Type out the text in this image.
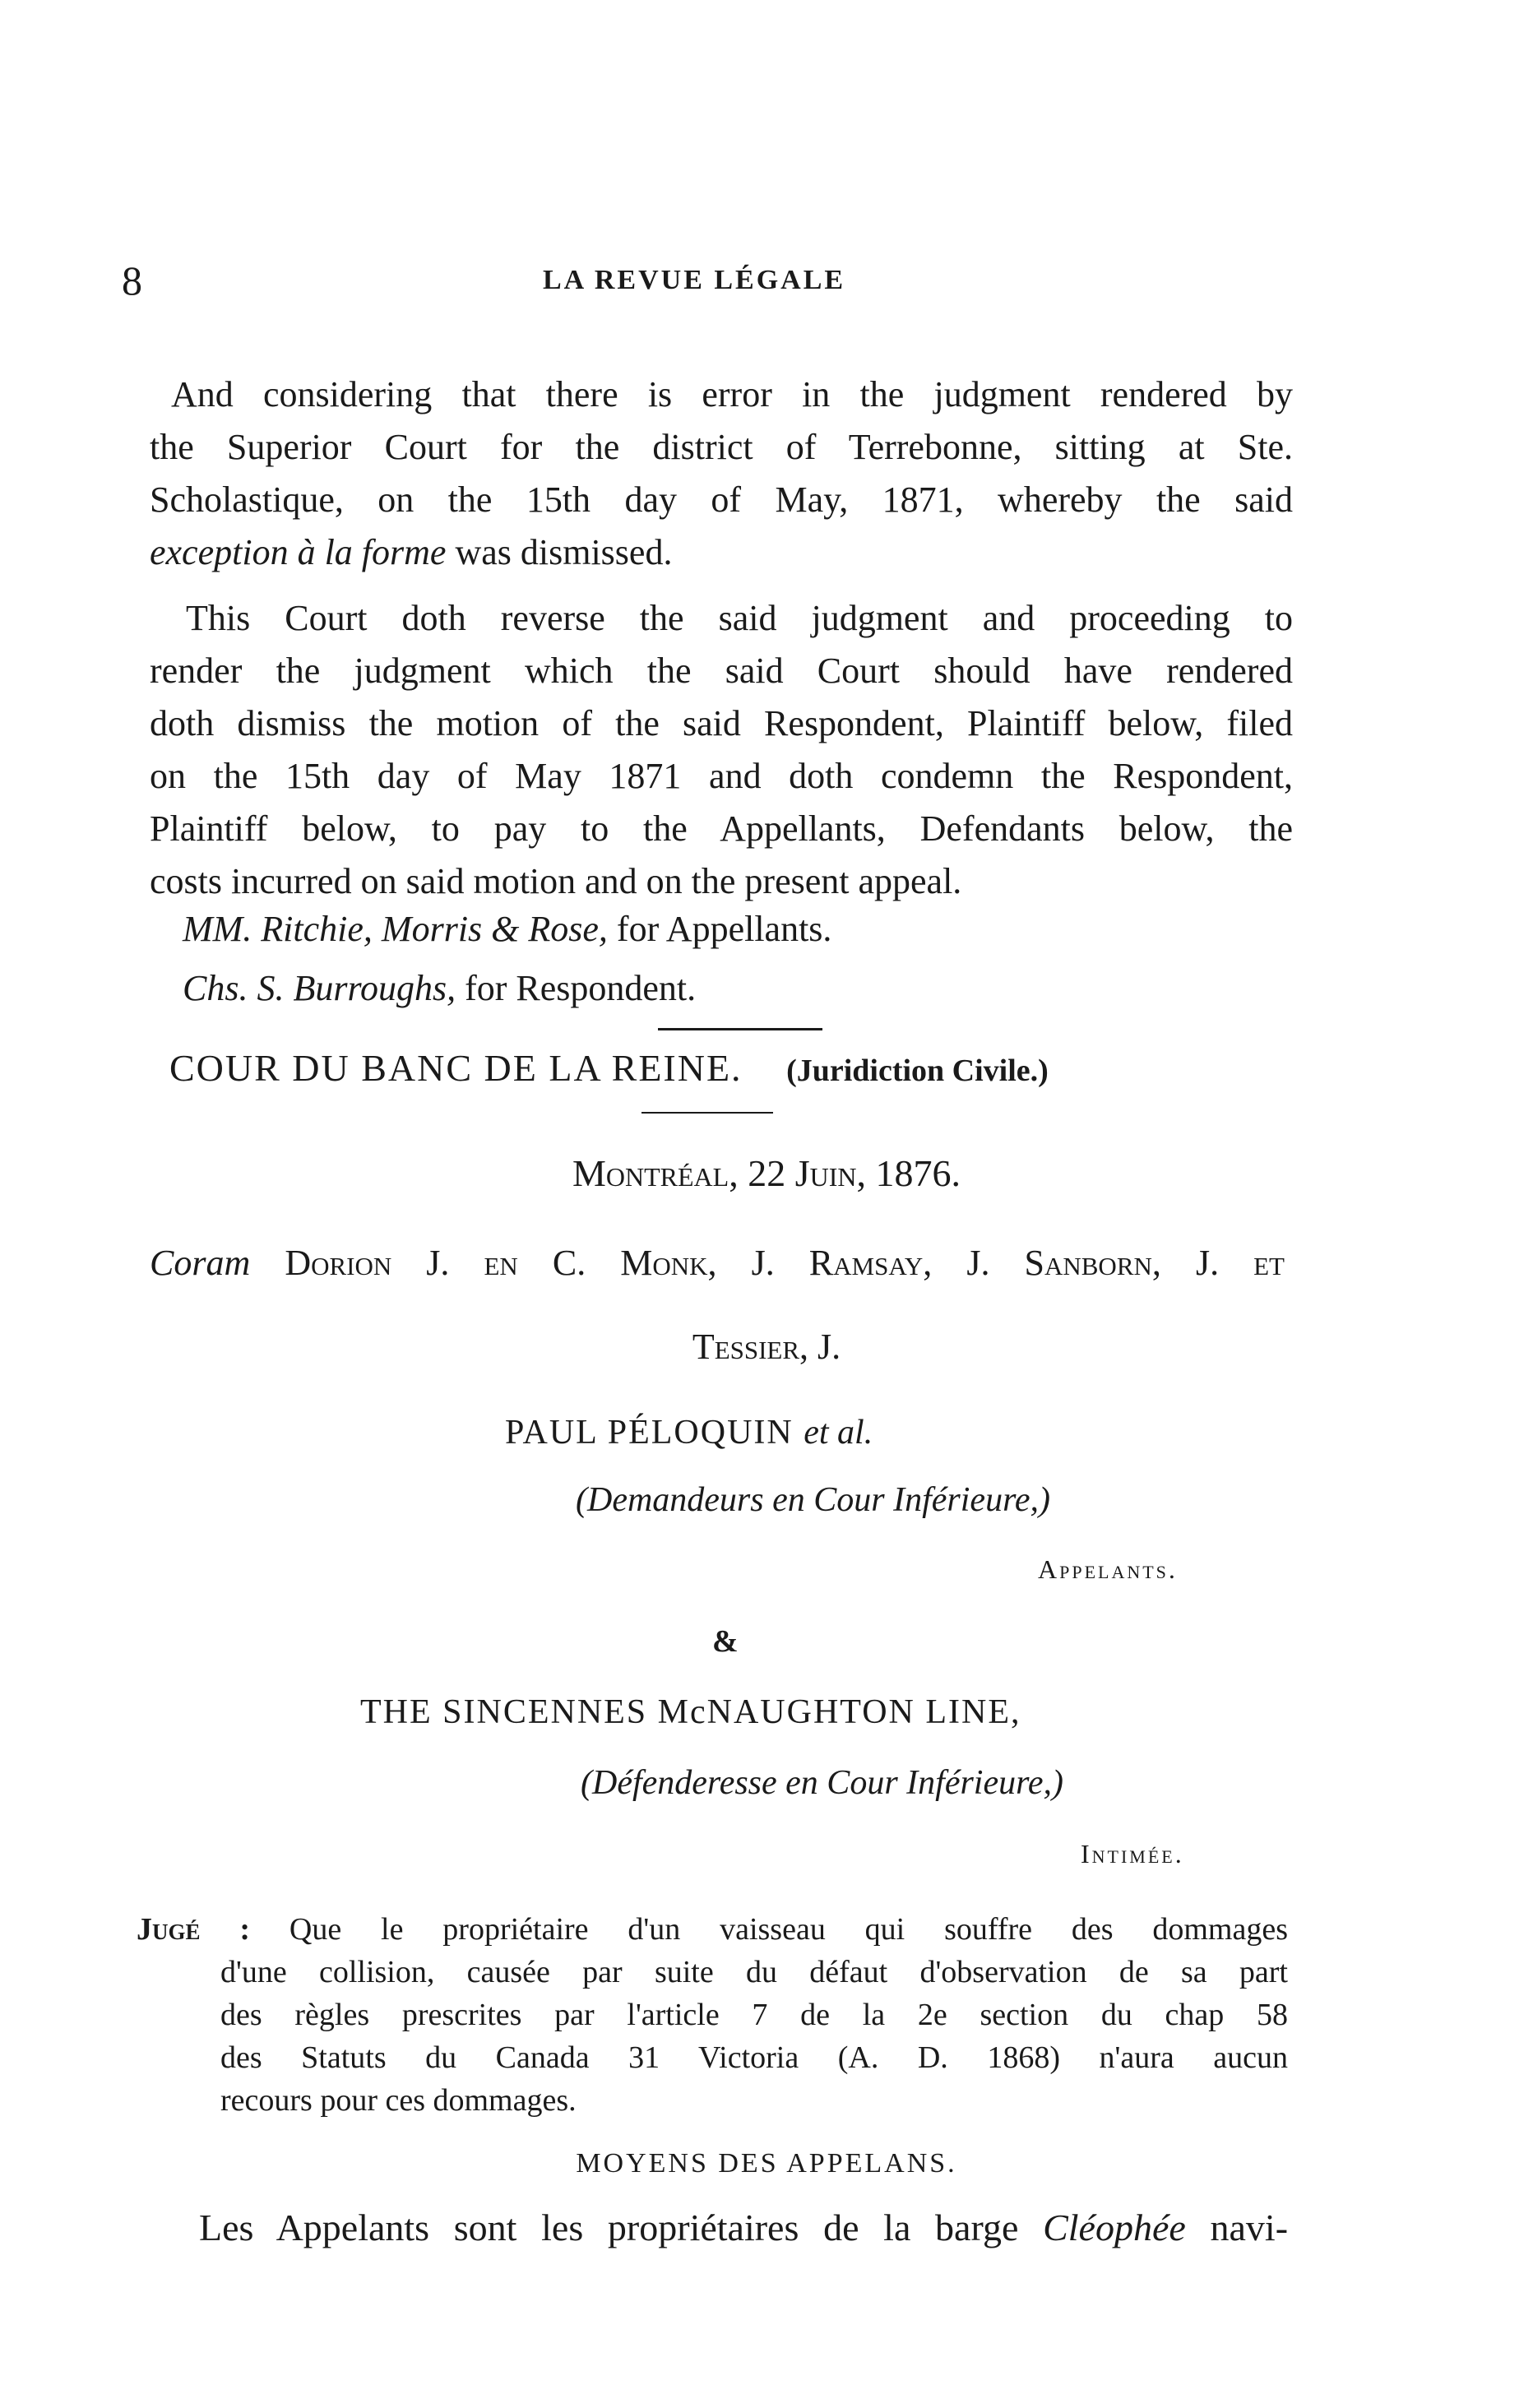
8	LA REVUE LÉGALE
And considering that there is error in the judgment rendered by
the Superior Court for the district of Terrebonne, sitting at Ste.
Scholastique, on the 15th day of May, 1871, whereby the said
exception à la forme was dismissed.
This Court doth reverse the said judgment and proceeding to
render the judgment which the said Court should have rendered
doth dismiss the motion of the said Respondent, Plaintiff below, filed
on the 15th day of May 1871 and doth condemn the Respondent,
Plaintiff below, to pay to the Appellants, Defendants below, the
costs incurred on said motion and on the present appeal.
MM. Ritchie, Morris & Rose, for Appellants.
Chs. S. Burroughs, for Respondent.
COUR DU BANC DE LA REINE. (Juridiction Civile.)
Montréal, 22 Juin, 1876.
Coram Dorion J. en C. Monk, J. Ramsay, J. Sanborn, J. et
Tessier, J.
PAUL PÉLOQUIN et al.
(Demandeurs en Cour Inférieure,)
Appelants.
&
THE SINCENNES McNAUGHTON LINE,
(Défenderesse en Cour Inférieure,)
Intimée.
Jugé : Que le propriétaire d'un vaisseau qui souffre des dommages
d'une collision, causée par suite du défaut d'observation de sa part
des règles prescrites par l'article 7 de la 2e section du chap 58
des Statuts du Canada 31 Victoria (A. D. 1868) n'aura aucun
recours pour ces dommages.
MOYENS DES APPELANS.
Les Appelants sont les propriétaires de la barge Cléophée navi-
